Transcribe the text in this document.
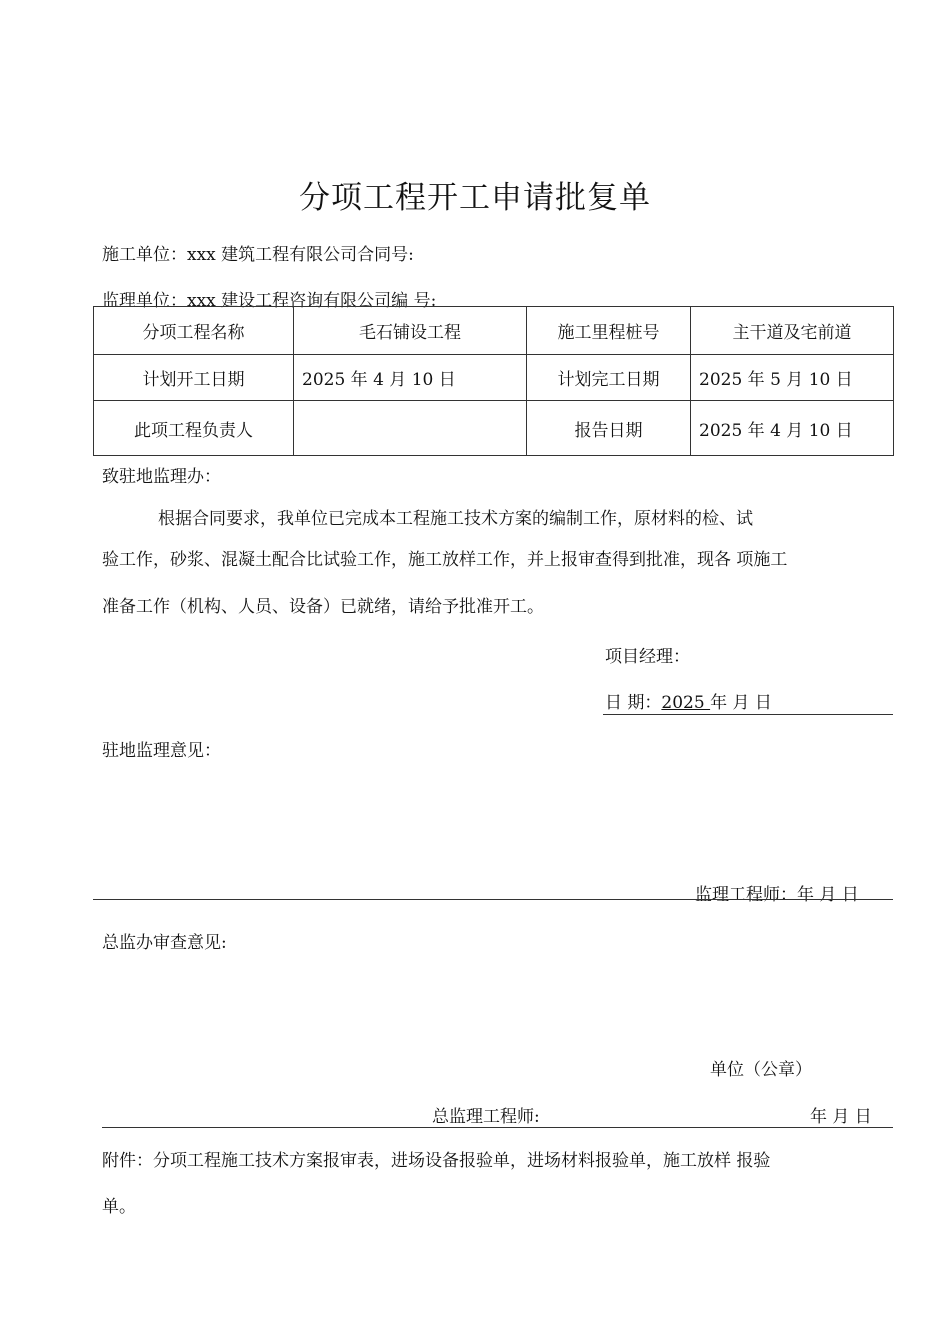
分项工程开工申请批复单
施工单位：xxx 建筑工程有限公司合同号:
监理单位：xxx 建设工程咨询有限公司编 号:
分项工程名称	毛石铺设工程	施工里程桩号	主干道及宅前道
计划开工日期	2025 年 4 月 10 日	计划完工日期	2025 年 5 月 10 日
此项工程负责人		报告日期	2025 年 4 月 10 日
致驻地监理办：
根据合同要求，我单位已完成本工程施工技术方案的编制工作，原材料的检、试
验工作，砂浆、混凝土配合比试验工作，施工放样工作，并上报审查得到批准，现各 项施工
准备工作（机构、人员、设备）已就绪，请给予批准开工。
项目经理：
日 期：2025 年 月 日
驻地监理意见：
监理工程师：年 月 日
总监办审查意见:
单位（公章）
总监理工程师:	年 月 日
附件：分项工程施工技术方案报审表，进场设备报验单，进场材料报验单，施工放样 报验
单。
